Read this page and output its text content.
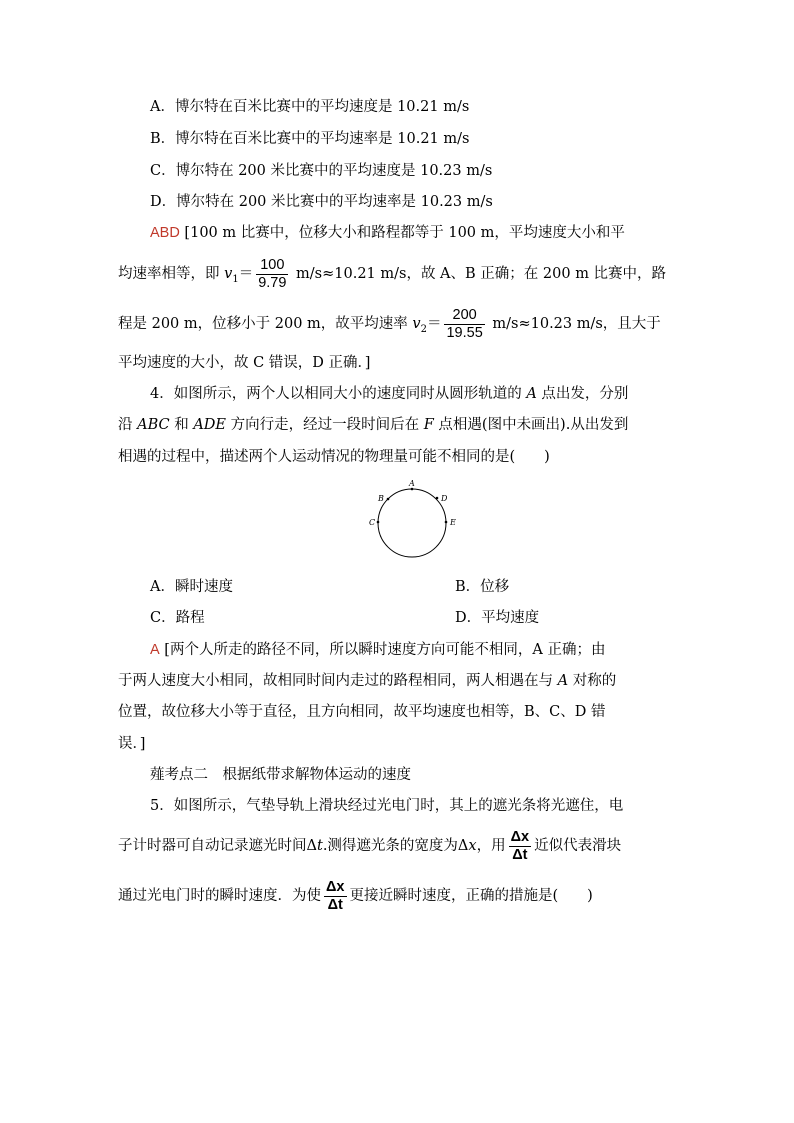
A．博尔特在百米比赛中的平均速度是 10.21 m/s
B．博尔特在百米比赛中的平均速率是 10.21 m/s
C．博尔特在 200 米比赛中的平均速度是 10.23 m/s
D．博尔特在 200 米比赛中的平均速率是 10.23 m/s
ABD [100 m 比赛中，位移大小和路程都等于 100 m，平均速度大小和平
均速率相等，即 $v_1= \frac{100}{9.79} m/s\approx 10.21$ m/s，故 A、B 正确；在 200 m 比赛中，路
程是 200 m，位移小于 200 m，故平均速率 $v_2= \frac{200}{19.55} m/s\approx 10.23$ m/s，且大于
平均速度的大小，故 C 错误，D 正确．]
4．如图所示，两个人以相同大小的速度同时从圆形轨道的 A 点出发，分别
沿 ABC 和 ADE 方向行走，经过一段时间后在 F 点相遇(图中未画出).从出发到
相遇的过程中，描述两个人运动情况的物理量可能不相同的是(　　)
A
B
C
D
E
A．瞬时速度	B．位移
C．路程	D．平均速度
A [两个人所走的路径不同，所以瞬时速度方向可能不相同，A 正确；由
于两人速度大小相同，故相同时间内走过的路程相同，两人相遇在与 A 对称的
位置，故位移大小等于直径，且方向相同，故平均速度也相等，B、C、D 错
误．]
薤考点二　根据纸带求解物体运动的速度
5．如图所示，气垫导轨上滑块经过光电门时，其上的遮光条将光遮住，电
子计时器可自动记录遮光时间Δt.测得遮光条的宽度为Δx，用 $\frac{\Delta x}{\Delta t}$ 近似代表滑块
通过光电门时的瞬时速度．为使 $\frac{\Delta x}{\Delta t}$ 更接近瞬时速度，正确的措施是(　　)
